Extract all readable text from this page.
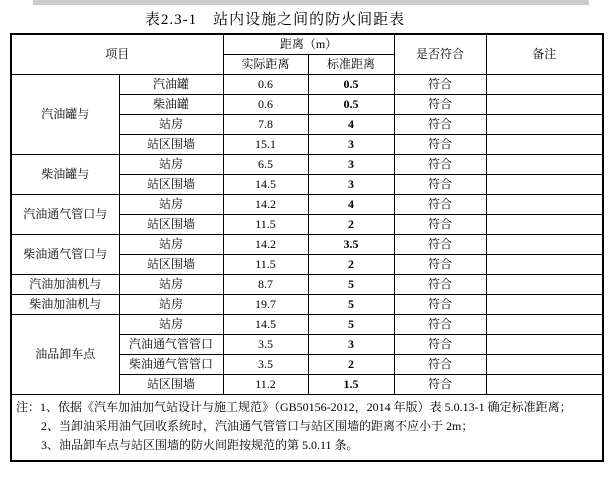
表2.3-1　站内设施之间的防火间距表
项目		距离（m）		是否符合	备注
		实际距离	标准距离		
汽油罐与	汽油罐	0.6	0.5	符合	
	柴油罐	0.6	0.5	符合	
	站房	7.8	4	符合	
	站区围墙	15.1	3	符合	
柴油罐与	站房	6.5	3	符合	
	站区围墙	14.5	3	符合	
汽油通气管口与	站房	14.2	4	符合	
	站区围墙	11.5	2	符合	
柴油通气管口与	站房	14.2	3.5	符合	
	站区围墙	11.5	2	符合	
汽油加油机与	站房	8.7	5	符合	
柴油加油机与	站房	19.7	5	符合	
油品卸车点	站房	14.5	5	符合	
	汽油通气管管口	3.5	3	符合	
	柴油通气管管口	3.5	2	符合	
	站区围墙	11.2	1.5	符合	

注：1、依据《汽车加油加气站设计与施工规范》（GB50156-2012，2014 年版）表 5.0.13-1 确定标准距离；
2、当卸油采用油气回收系统时，汽油通气管管口与站区围墙的距离不应小于 2m；
3、油品卸车点与站区围墙的防火间距按规范的第 5.0.11 条。					
